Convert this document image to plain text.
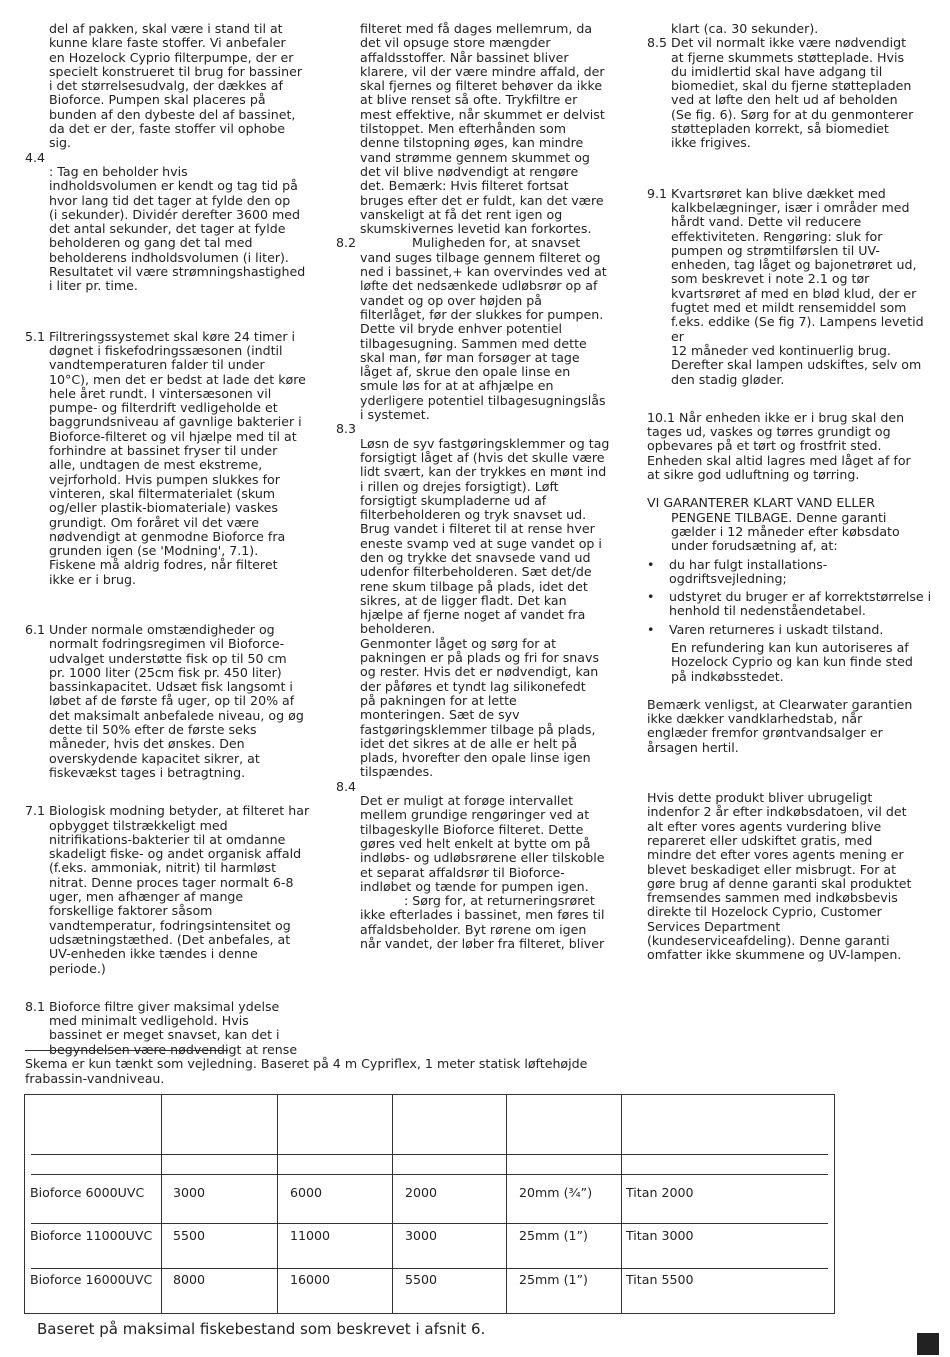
del af pakken, skal være i stand til at
kunne klare faste stoffer. Vi anbefaler
en Hozelock Cyprio filterpumpe, der er
specielt konstrueret til brug for bassiner
i det størrelsesudvalg, der dækkes af
Bioforce. Pumpen skal placeres på
bunden af den dybeste del af bassinet,
da det er der, faste stoffer vil ophobe
sig.
4.4

: Tag en beholder hvis
indholdsvolumen er kendt og tag tid på
hvor lang tid det tager at fylde den op
(i sekunder). Dividér derefter 3600 med
det antal sekunder, det tager at fylde
beholderen og gang det tal med
beholderens indholdsvolumen (i liter).
Resultatet vil være strømningshastighed
i liter pr. time.
5.1 Filtreringssystemet skal køre 24 timer i
døgnet i fiskefodringssæsonen (indtil
vandtemperaturen falder til under
10°C), men det er bedst at lade det køre
hele året rundt. I vintersæsonen vil
pumpe- og filterdrift vedligeholde et
baggrundsniveau af gavnlige bakterier i
Bioforce-filteret og vil hjælpe med til at
forhindre at bassinet fryser til under
alle, undtagen de mest ekstreme,
vejrforhold. Hvis pumpen slukkes for
vinteren, skal filtermaterialet (skum
og/eller plastik-biomateriale) vaskes
grundigt. Om foråret vil det være
nødvendigt at genmodne Bioforce fra
grunden igen (se 'Modning', 7.1).
Fiskene må aldrig fodres, når filteret
ikke er i brug.
6.1 Under normale omstændigheder og
normalt fodringsregimen vil Bioforce-
udvalget understøtte fisk op til 50 cm
pr. 1000 liter (25cm fisk pr. 450 liter)
bassinkapacitet. Udsæt fisk langsomt i
løbet af de første få uger, op til 20% af
det maksimalt anbefalede niveau, og øg
dette til 50% efter de første seks
måneder, hvis det ønskes. Den
overskydende kapacitet sikrer, at
fiskevækst tages i betragtning.
7.1 Biologisk modning betyder, at filteret har
opbygget tilstrækkeligt med
nitrifikations-bakterier til at omdanne
skadeligt fiske- og andet organisk affald
(f.eks. ammoniak, nitrit) til harmløst
nitrat. Denne proces tager normalt 6-8
uger, men afhænger af mange
forskellige faktorer såsom
vandtemperatur, fodringsintensitet og
udsætningstæthed. (Det anbefales, at
UV-enheden ikke tændes i denne
periode.)
8.1 Bioforce filtre giver maksimal ydelse
med minimalt vedligehold. Hvis
bassinet er meget snavset, kan det i
begyndelsen være nødvendigt at rense
filteret med få dages mellemrum, da
det vil opsuge store mængder
affaldsstoffer. Når bassinet bliver
klarere, vil der være mindre affald, der
skal fjernes og filteret behøver da ikke
at blive renset så ofte. Trykfiltre er
mest effektive, når skummet er delvist
tilstoppet. Men efterhånden som
denne tilstopning øges, kan mindre
vand strømme gennem skummet og
det vil blive nødvendigt at rengøre
det. Bemærk: Hvis filteret fortsat
bruges efter det er fuldt, kan det være
vanskeligt at få det rent igen og
skumskivernes levetid kan forkortes.
8.2 Muligheden for, at snavset
vand suges tilbage gennem filteret og
ned i bassinet,+ kan overvindes ved at
løfte det nedsænkede udløbsrør op af
vandet og op over højden på
filterlåget, før der slukkes for pumpen.
Dette vil bryde enhver potentiel
tilbagesugning. Sammen med dette
skal man, før man forsøger at tage
låget af, skrue den opale linse en
smule løs for at at afhjælpe en
yderligere potentiel tilbagesugningslås
i systemet.
8.3

Løsn de syv fastgøringsklemmer og tag
forsigtigt låget af (hvis det skulle være
lidt svært, kan der trykkes en mønt ind
i rillen og drejes forsigtigt). Løft
forsigtigt skumpladerne ud af
filterbeholderen og tryk snavset ud.
Brug vandet i filteret til at rense hver
eneste svamp ved at suge vandet op i
den og trykke det snavsede vand ud
udenfor filterbeholderen. Sæt det/de
rene skum tilbage på plads, idet det
sikres, at de ligger fladt. Det kan
hjælpe af fjerne noget af vandet fra
beholderen.
Genmonter låget og sørg for at
pakningen er på plads og fri for snavs
og rester. Hvis det er nødvendigt, kan
der påføres et tyndt lag silikonefedt
på pakningen for at lette
monteringen. Sæt de syv
fastgøringsklemmer tilbage på plads,
idet det sikres at de alle er helt på
plads, hvorefter den opale linse igen
tilspændes.
8.4

Det er muligt at forøge intervallet
mellem grundige rengøringer ved at
tilbageskylle Bioforce filteret. Dette
gøres ved helt enkelt at bytte om på
indløbs- og udløbsrørene eller tilskoble
et separat affaldsrør til Bioforce-
indløbet og tænde for pumpen igen.
: Sørg for, at returneringsrøret
ikke efterlades i bassinet, men føres til
affaldsbeholder. Byt rørene om igen
når vandet, der løber fra filteret, bliver
klart (ca. 30 sekunder).
8.5 Det vil normalt ikke være nødvendigt
at fjerne skummets støtteplade. Hvis
du imidlertid skal have adgang til
biomediet, skal du fjerne støttepladen
ved at løfte den helt ud af beholden
(Se fig. 6). Sørg for at du genmonterer
støttepladen korrekt, så biomediet
ikke frigives.
9.1 Kvartsrøret kan blive dækket med
kalkbelægninger, især i områder med
hårdt vand. Dette vil reducere
effektiviteten. Rengøring: sluk for
pumpen og strømtilførslen til UV-
enheden, tag låget og bajonetrøret ud,
som beskrevet i note 2.1 og tør
kvartsrøret af med en blød klud, der er
fugtet med et mildt rensemiddel som
f.eks. eddike (Se fig 7). Lampens levetid er
12 måneder ved kontinuerlig brug.
Derefter skal lampen udskiftes, selv om
den stadig gløder.
10.1 Når enheden ikke er i brug skal den
tages ud, vaskes og tørres grundigt og
opbevares på et tørt og frostfrit sted.
Enheden skal altid lagres med låget af for
at sikre god udluftning og tørring.
VI GARANTERER KLART VAND ELLER
PENGENE TILBAGE. Denne garanti
gælder i 12 måneder efter købsdato
under forudsætning af, at:
• du har fulgt installations- ogdriftsvejledning;
• udstyret du bruger er af korrektstørrelse i henhold til nedenståendetabel.
• Varen returneres i uskadt tilstand.
En refundering kan kun autoriseres af
Hozelock Cyprio og kan kun finde sted
på indkøbsstedet.
Bemærk venligst, at Clearwater garantien
ikke dækker vandklarhedstab, når
englæder fremfor grøntvandsalger er
årsagen hertil.
Hvis dette produkt bliver ubrugeligt
indenfor 2 år efter indkøbsdatoen, vil det
alt efter vores agents vurdering blive
repareret eller udskiftet gratis, med
mindre det efter vores agents mening er
blevet beskadiget eller misbrugt. For at
gøre brug af denne garanti skal produktet
fremsendes sammen med indkøbsbevis
direkte til Hozelock Cyprio, Customer
Services Department
(kundeserviceafdeling). Denne garanti
omfatter ikke skummene og UV-lampen.
Skema er kun tænkt som vejledning. Baseret på 4 m Cypriflex, 1 meter statisk løftehøjde frabassin-vandniveau.
Bioforce 6000UVC 3000	6000	2000	20mm (³⁄₄”)	Titan 2000
Bioforce 11000UVC 5500	11000	3000	25mm (1”)	Titan 3000
Bioforce 16000UVC 8000	16000	5500	25mm (1”)	Titan 5500
Baseret på maksimal fiskebestand som beskrevet i afsnit 6.
